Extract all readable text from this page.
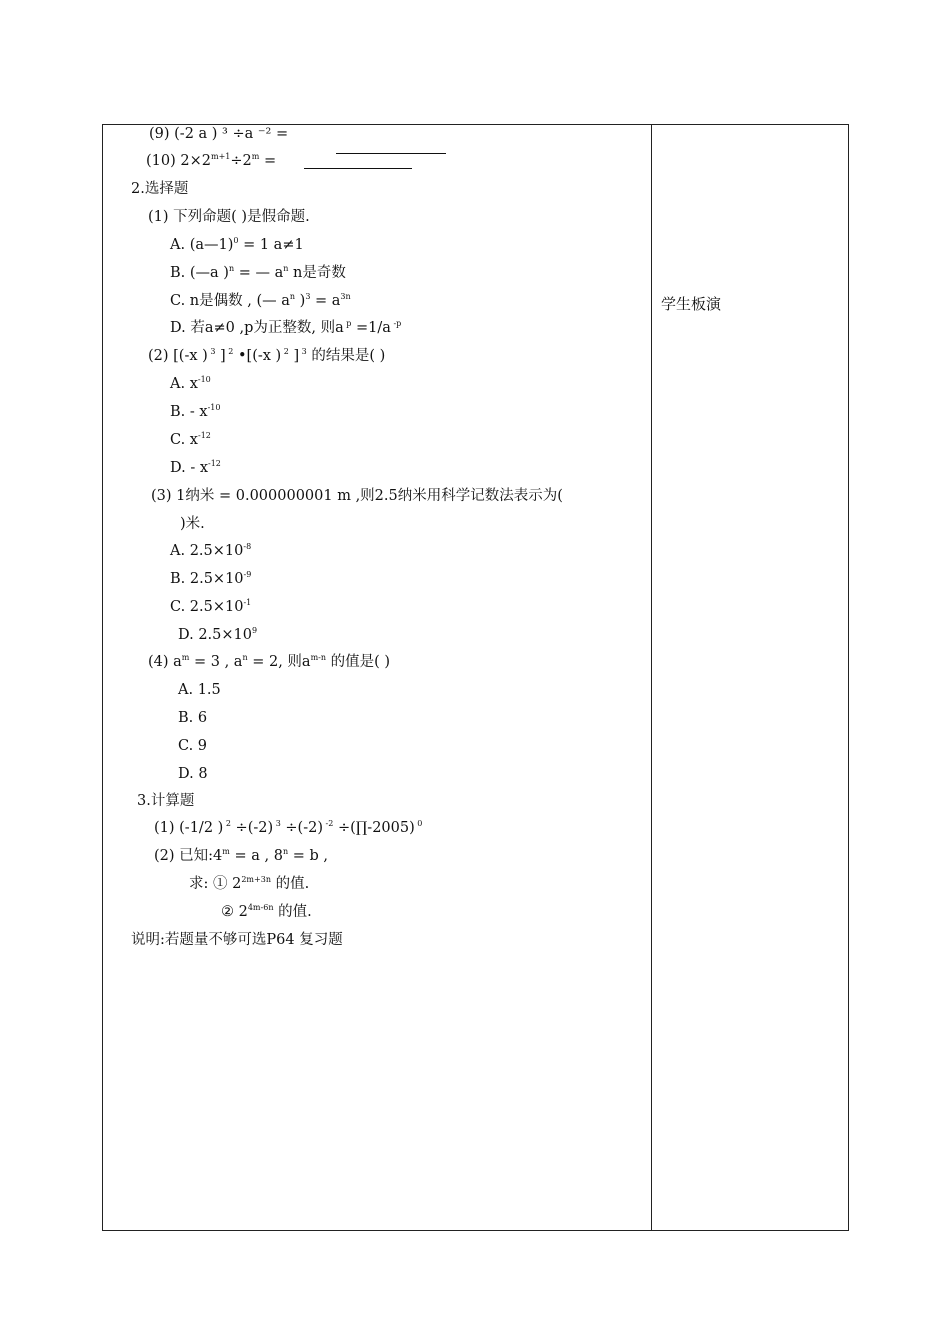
学生板演
(9) (-2 a ) ³ ÷a ⁻² =
(10) $2\times 2^{m+1}\div 2^m$ =
2.选择题
(1) 下列命题( )是假命题.
A. (a—1)$^0$ = 1 a≠1
B. (—a )$^n$ = — $a^n$ n是奇数
C. n是偶数 , (— $a^n$ )$^3 = a^{3n}$
D. 若a≠0 ,p为正整数, 则a $^p$ =1/a $^{-p}$
(2) [(-x ) $^3$ ] $^2$ •[(-x ) $^2$ ] $^3$ 的结果是( )
A. $x^{-10}$
B. - $x^{-10}$
C. $x^{-12}$
D. - $x^{-12}$
(3) 1纳米 = 0.000000001 m ,则2.5纳米用科学记数法表示为(
)米.
A. $2.5\times 10^{-8}$
B. $2.5\times 10^{-9}$
C. $2.5\times 10^{-1}$
D. $2.5\times 10^9$
(4) $a^m = 3$ , $a^n = 2$, 则$a^{m-n}$ 的值是( )
A. 1.5
B. 6
C. 9
D. 8
3.计算题
(1) (-1/2 ) $^2$ ÷(-2) $^3$ ÷(-2) $^{-2}$ ÷(∏-2005) $^0$
(2) 已知$:4^m = a$ , $8^n = b$ ,
求: ① $2^{2m+3n}$ 的值.
② $2^{4m-6n}$ 的值.
说明:若题量不够可选P64 复习题
